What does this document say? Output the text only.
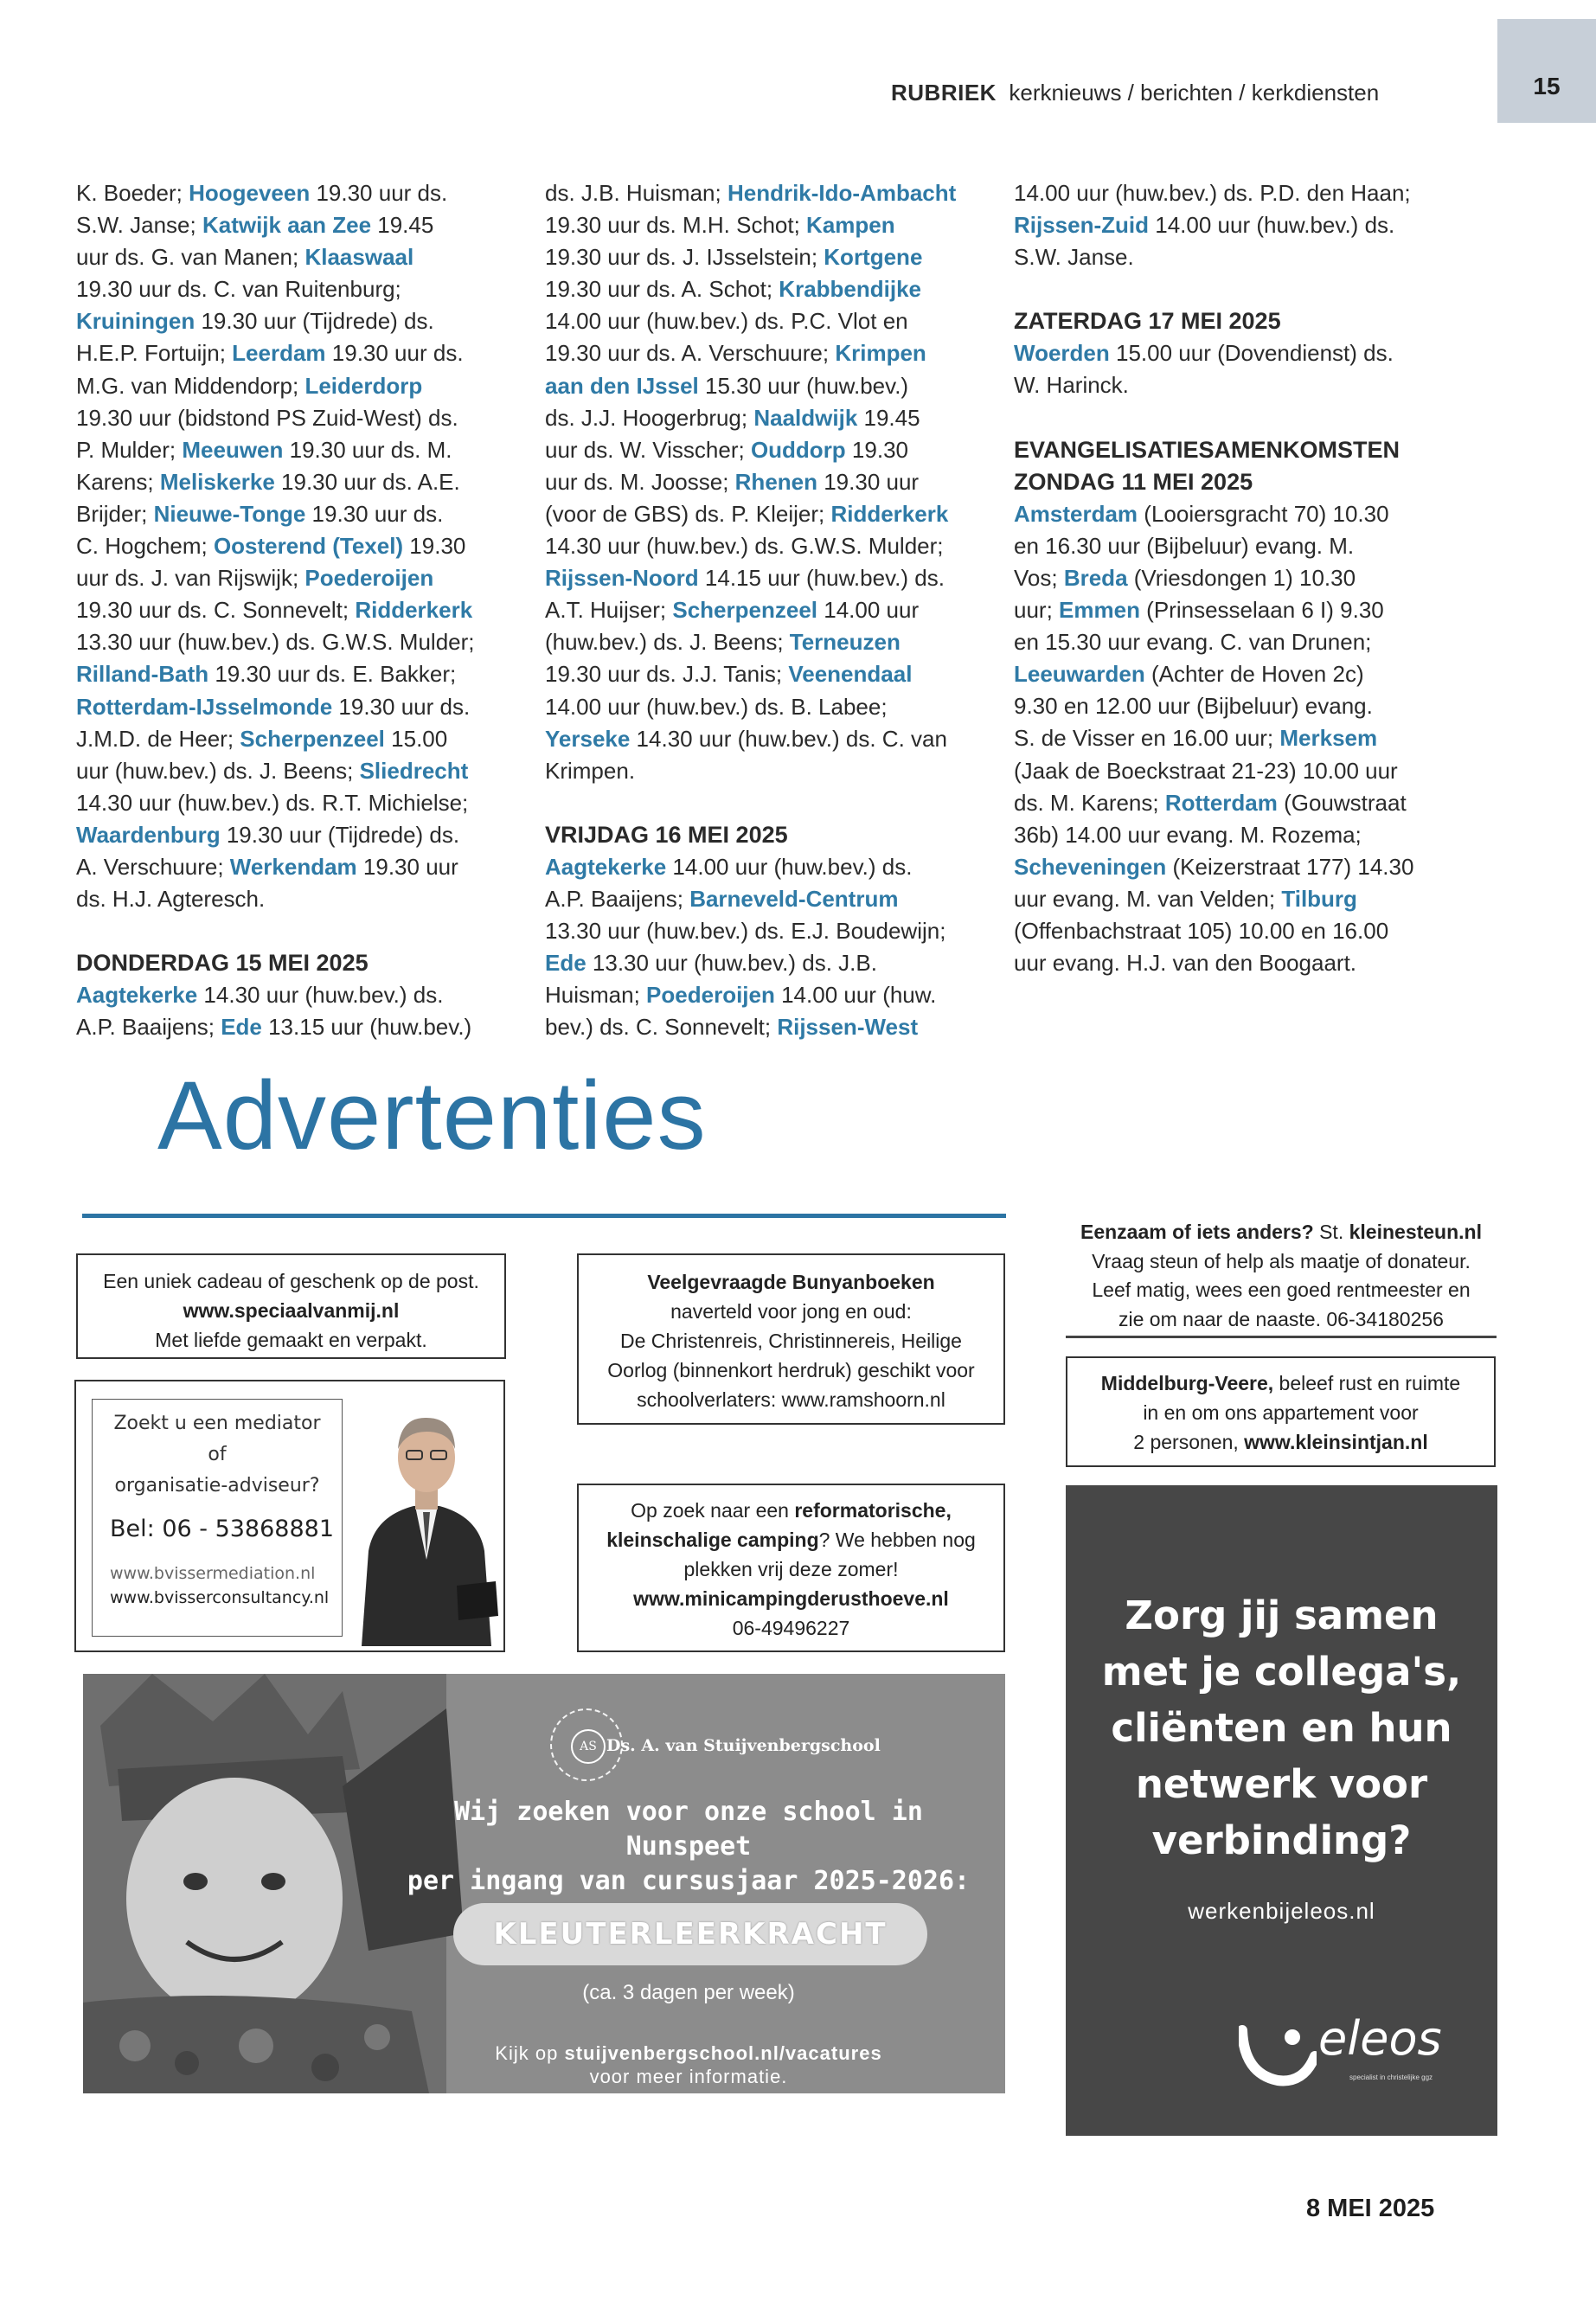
RUBRIEK kerknieuws / berichten / kerkdiensten	15

K. Boeder; Hoogeveen 19.30 uur ds.

S.W. Janse; Katwijk aan Zee 19.45

uur ds. G. van Manen; Klaaswaal

19.30 uur ds. C. van Ruitenburg;

Kruiningen 19.30 uur (Tijdrede) ds.

H.E.P. Fortuijn; Leerdam 19.30 uur ds.

M.G. van Middendorp; Leiderdorp

19.30 uur (bidstond PS Zuid-West) ds.

P. Mulder; Meeuwen 19.30 uur ds. M.

Karens; Meliskerke 19.30 uur ds. A.E.

Brijder; Nieuwe-Tonge 19.30 uur ds.

C. Hogchem; Oosterend (Texel) 19.30

uur ds. J. van Rijswijk; Poederoijen

19.30 uur ds. C. Sonnevelt; Ridderkerk

13.30 uur (huw.bev.) ds. G.W.S. Mulder;

Rilland-Bath 19.30 uur ds. E. Bakker;

Rotterdam-IJsselmonde 19.30 uur ds.

J.M.D. de Heer; Scherpenzeel 15.00

uur (huw.bev.) ds. J. Beens; Sliedrecht

14.30 uur (huw.bev.) ds. R.T. Michielse;

Waardenburg 19.30 uur (Tijdrede) ds.

A. Verschuure; Werkendam 19.30 uur

ds. H.J. Agteresch.

DONDERDAG 15 MEI 2025

Aagtekerke 14.30 uur (huw.bev.) ds.

A.P. Baaijens; Ede 13.15 uur (huw.bev.)

ds. J.B. Huisman; Hendrik-Ido-Ambacht

19.30 uur ds. M.H. Schot; Kampen

19.30 uur ds. J. IJsselstein; Kortgene

19.30 uur ds. A. Schot; Krabbendijke

14.00 uur (huw.bev.) ds. P.C. Vlot en

19.30 uur ds. A. Verschuure; Krimpen

aan den IJssel 15.30 uur (huw.bev.)

ds. J.J. Hoogerbrug; Naaldwijk 19.45

uur ds. W. Visscher; Ouddorp 19.30

uur ds. M. Joosse; Rhenen 19.30 uur

(voor de GBS) ds. P. Kleijer; Ridderkerk

14.30 uur (huw.bev.) ds. G.W.S. Mulder;

Rijssen-Noord 14.15 uur (huw.bev.) ds.

A.T. Huijser; Scherpenzeel 14.00 uur

(huw.bev.) ds. J. Beens; Terneuzen

19.30 uur ds. J.J. Tanis; Veenendaal

14.00 uur (huw.bev.) ds. B. Labee;

Yerseke 14.30 uur (huw.bev.) ds. C. van

Krimpen.

VRIJDAG 16 MEI 2025

Aagtekerke 14.00 uur (huw.bev.) ds.

A.P. Baaijens; Barneveld-Centrum

13.30 uur (huw.bev.) ds. E.J. Boudewijn;

Ede 13.30 uur (huw.bev.) ds. J.B.

Huisman; Poederoijen 14.00 uur (huw.

bev.) ds. C. Sonnevelt; Rijssen-West

14.00 uur (huw.bev.) ds. P.D. den Haan;

Rijssen-Zuid 14.00 uur (huw.bev.) ds.

S.W. Janse.

ZATERDAG 17 MEI 2025

Woerden 15.00 uur (Dovendienst) ds.

W. Harinck.

EVANGELISATIESAMENKOMSTEN
ZONDAG 11 MEI 2025

Amsterdam (Looiersgracht 70) 10.30

en 16.30 uur (Bijbeluur) evang. M.

Vos; Breda (Vriesdongen 1) 10.30

uur; Emmen (Prinsesselaan 6 I) 9.30

en 15.30 uur evang. C. van Drunen;

Leeuwarden (Achter de Hoven 2c)

9.30 en 12.00 uur (Bijbeluur) evang.

S. de Visser en 16.00 uur; Merksem

(Jaak de Boeckstraat 21-23) 10.00 uur

ds. M. Karens; Rotterdam (Gouwstraat

36b) 14.00 uur evang. M. Rozema;

Scheveningen (Keizerstraat 177) 14.30

uur evang. M. van Velden; Tilburg

(Offenbachstraat 105) 10.00 en 16.00

uur evang. H.J. van den Boogaart.

Advertenties
Eenzaam of iets anders? St. kleinesteun.nl
Vraag steun of help als maatje of donateur.
Leef matig, wees een goed rentmeester en
zie om naar de naaste. 06-34180256
Een uniek cadeau of geschenk op de post.
www.speciaalvanmij.nl
Met liefde gemaakt en verpakt.
Veelgevraagde Bunyanboeken
naverteld voor jong en oud:
De Christenreis, Christinnereis, Heilige
Oorlog (binnenkort herdruk) geschikt voor
schoolverlaters: www.ramshoorn.nl
Middelburg-Veere, beleef rust en ruimte
in en om ons appartement voor
2 personen, www.kleinsintjan.nl
Zoekt u een mediator
of
organisatie-adviseur?
Bel: 06 - 53868881
www.bvissermediation.nl
www.bvisserconsultancy.nl
Op zoek naar een reformatorische,
kleinschalige camping? We hebben nog
plekken vrij deze zomer!
www.minicampingderusthoeve.nl
06-49496227
AS Ds. A. van Stuijvenbergschool
Wij zoeken voor onze school in Nunspeet
per ingang van cursusjaar 2025-2026:
KLEUTERLEERKRACHT
(ca. 3 dagen per week)
Kijk op stuijvenbergschool.nl/vacatures
voor meer informatie.
Zorg jij samen
met je collega's,
cliënten en hun
netwerk voor
verbinding?
werkenbijeleos.nl
eleos
specialist in christelijke ggz
8 MEI 2025
